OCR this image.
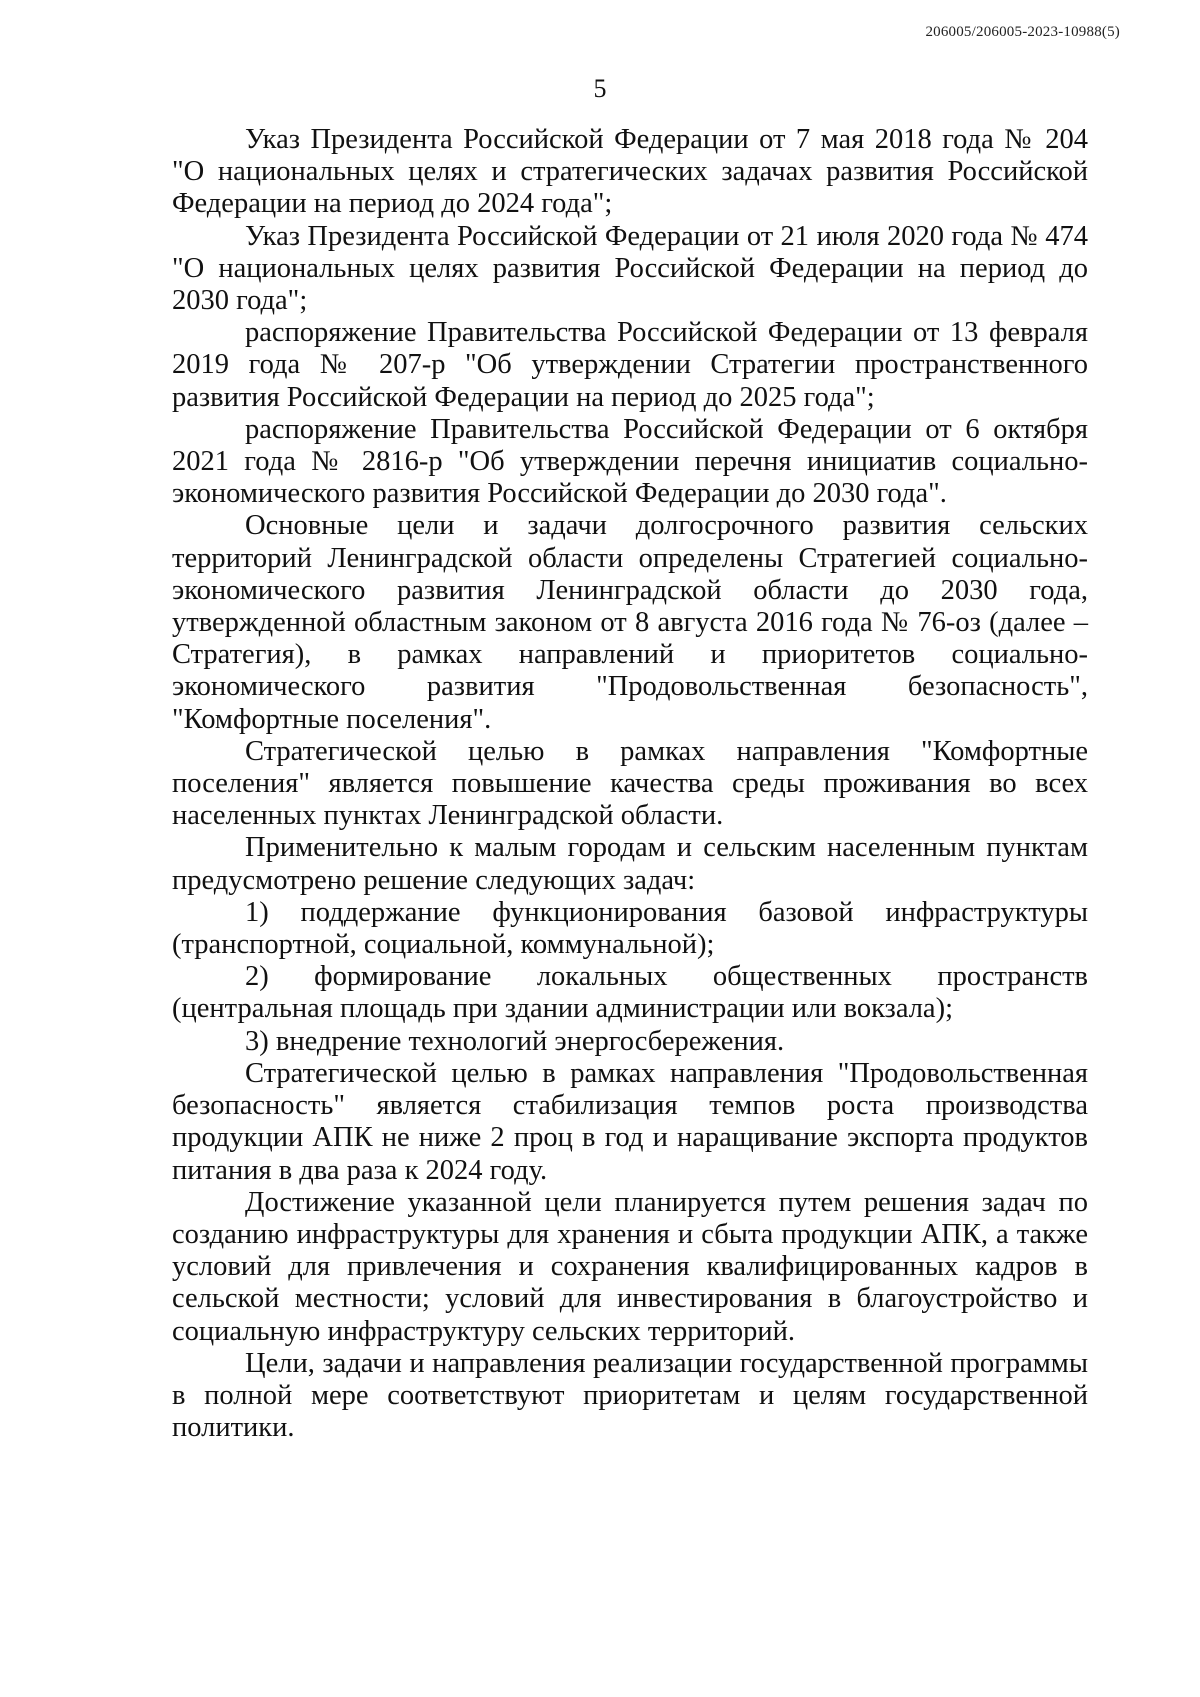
206005/206005-2023-10988(5)
5

Указ Президента Российской Федерации от 7 мая 2018 года № 204 "О национальных целях и стратегических задачах развития Российской Федерации на период до 2024 года";

Указ Президента Российской Федерации от 21 июля 2020 года № 474 "О национальных целях развития Российской Федерации на период до 2030 года";

распоряжение Правительства Российской Федерации от 13 февраля 2019 года № 207-р "Об утверждении Стратегии пространственного развития Российской Федерации на период до 2025 года";

распоряжение Правительства Российской Федерации от 6 октября 2021 года № 2816-р "Об утверждении перечня инициатив социально-экономического развития Российской Федерации до 2030 года".

Основные цели и задачи долгосрочного развития сельских территорий Ленинградской области определены Стратегией социально-экономического развития Ленинградской области до 2030 года, утвержденной областным законом от 8 августа 2016 года № 76-оз (далее – Стратегия), в рамках направлений и приоритетов социально-экономического развития "Продовольственная безопасность", "Комфортные поселения".

Стратегической целью в рамках направления "Комфортные поселения" является повышение качества среды проживания во всех населенных пунктах Ленинградской области.

Применительно к малым городам и сельским населенным пунктам предусмотрено решение следующих задач:

1) поддержание функционирования базовой инфраструктуры (транспортной, социальной, коммунальной);

2) формирование локальных общественных пространств (центральная площадь при здании администрации или вокзала);

3) внедрение технологий энергосбережения.

Стратегической целью в рамках направления "Продовольственная безопасность" является стабилизация темпов роста производства продукции АПК не ниже 2 проц в год и наращивание экспорта продуктов питания в два раза к 2024 году.

Достижение указанной цели планируется путем решения задач по созданию инфраструктуры для хранения и сбыта продукции АПК, а также условий для привлечения и сохранения квалифицированных кадров в сельской местности; условий для инвестирования в благоустройство и социальную инфраструктуру сельских территорий.

Цели, задачи и направления реализации государственной программы в полной мере соответствуют приоритетам и целям государственной политики.
